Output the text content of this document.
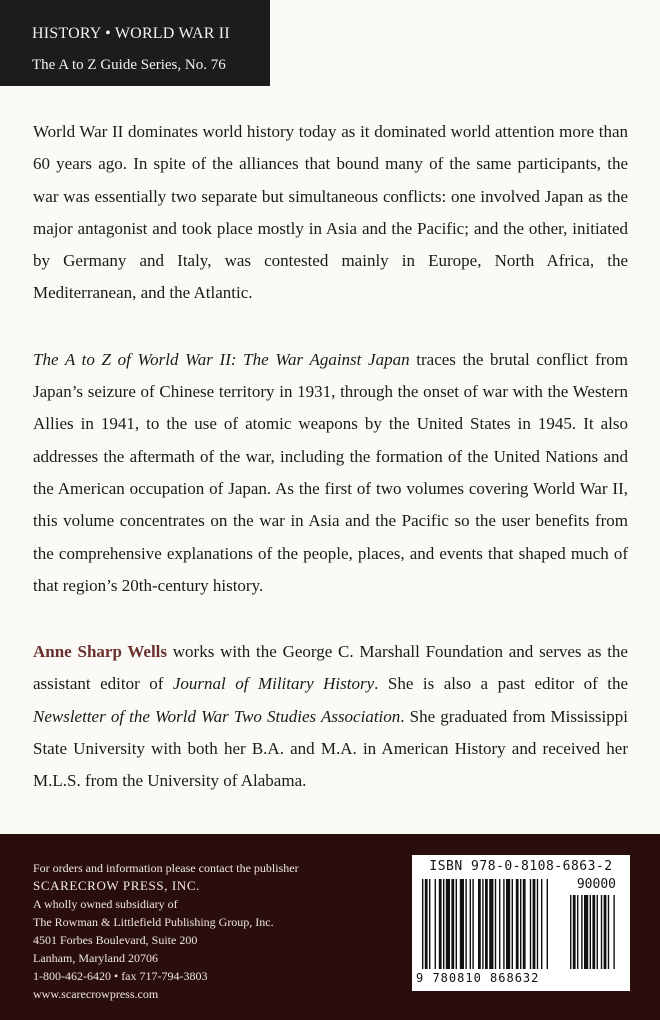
HISTORY • WORLD WAR II
The A to Z Guide Series, No. 76

World War II dominates world history today as it dominated world attention more than 60 years ago. In spite of the alliances that bound many of the same participants, the war was essentially two separate but simultaneous conflicts: one involved Japan as the major antagonist and took place mostly in Asia and the Pacific; and the other, initiated by Germany and Italy, was contested mainly in Europe, North Africa, the Mediterranean, and the Atlantic.

The A to Z of World War II: The War Against Japan traces the brutal conflict from Japan’s seizure of Chinese territory in 1931, through the onset of war with the Western Allies in 1941, to the use of atomic weapons by the United States in 1945. It also addresses the aftermath of the war, including the formation of the United Nations and the American occupation of Japan. As the first of two volumes covering World War II, this volume concentrates on the war in Asia and the Pacific so the user benefits from the comprehensive explanations of the people, places, and events that shaped much of that region’s 20th-century history.

Anne Sharp Wells works with the George C. Marshall Foundation and serves as the assistant editor of Journal of Military History. She is also a past editor of the Newsletter of the World War Two Studies Association. She graduated from Mississippi State University with both her B.A. and M.A. in American History and received her M.L.S. from the University of Alabama.

For orders and information please contact the publisher
SCARECROW PRESS, INC.
A wholly owned subsidiary of
The Rowman & Littlefield Publishing Group, Inc.
4501 Forbes Boulevard, Suite 200
Lanham, Maryland 20706
1-800-462-6420 • fax 717-794-3803
www.scarecrowpress.com
ISBN 978-0-8108-6863-2
90000
9 780810 868632
